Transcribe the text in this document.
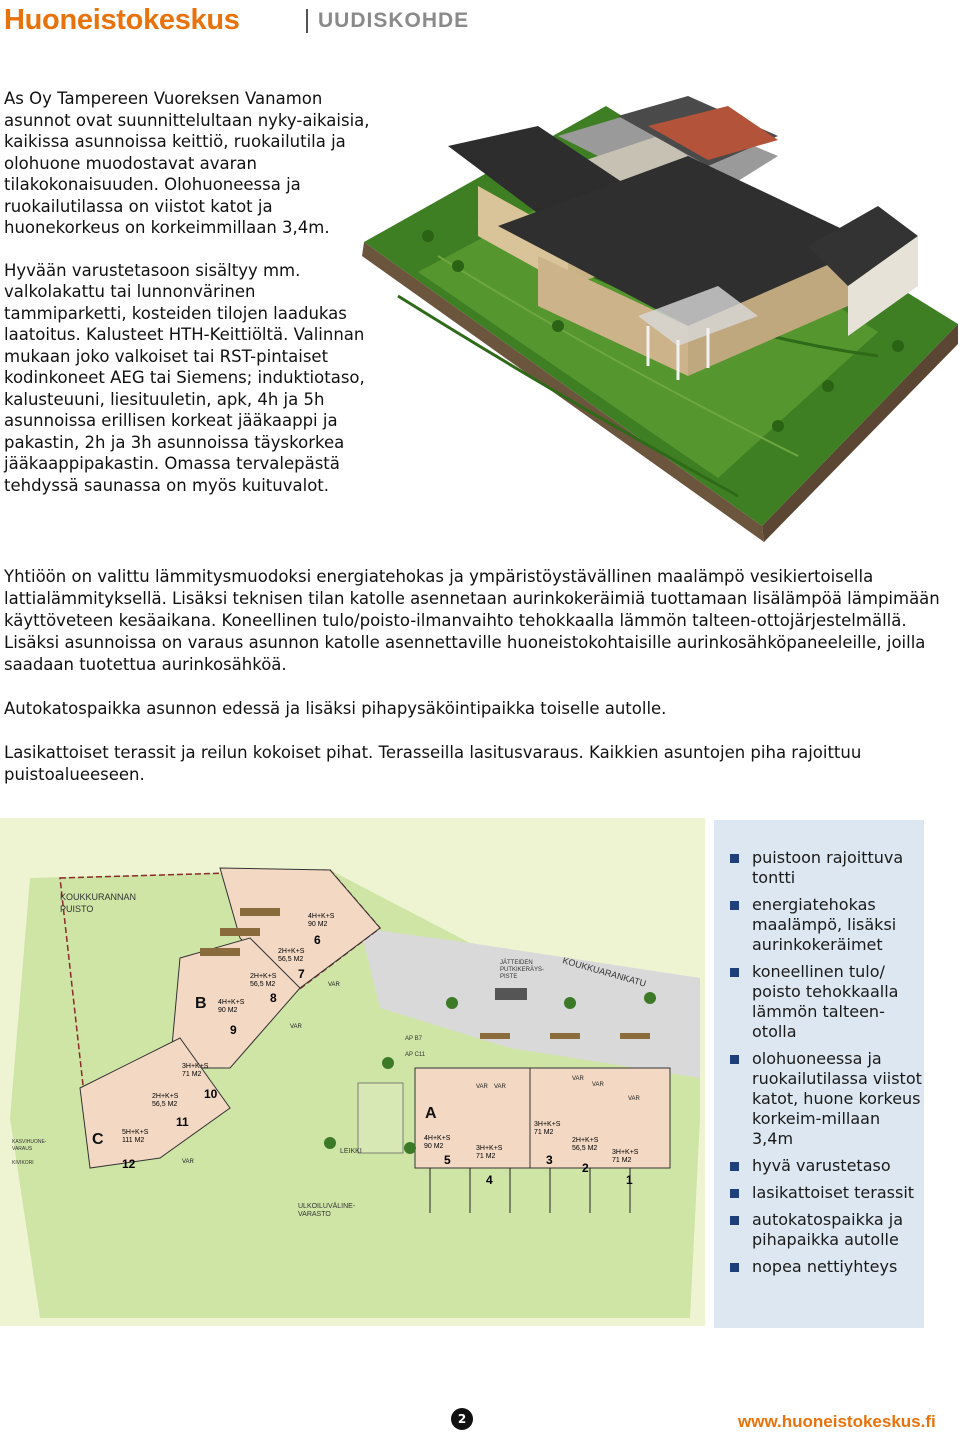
Huoneistokeskus	UUDISKOHDE

As Oy Tampereen Vuoreksen Vanamon asunnot ovat suunnittelultaan nyky-aikaisia, kaikissa asunnoissa keittiö, ruokailutila ja olohuone muodostavat avaran tilakokonaisuuden. Olohuoneessa ja ruokailutilassa on viistot katot ja huonekorkeus on korkeimmillaan 3,4m.

Hyvään varustetasoon sisältyy mm. valkolakattu tai lunnonvärinen tammiparketti, kosteiden tilojen laadukas laatoitus. Kalusteet HTH-Keittiöltä. Valinnan mukaan joko valkoiset tai RST-pintaiset kodinkoneet AEG tai Siemens; induktiotaso, kalusteuuni, liesituuletin, apk, 4h ja 5h asunnoissa erillisen korkeat jääkaappi ja pakastin, 2h ja 3h asunnoissa täyskorkea jääkaappipakastin. Omassa tervalepästä tehdyssä saunassa on myös kuituvalot.

Yhtiöön on valittu lämmitysmuodoksi energiatehokas ja ympäristöystävällinen maalämpö vesikiertoisella lattialämmityksellä. Lisäksi teknisen tilan katolle asennetaan aurinkokeräimiä tuottamaan lisälämpöä lämpimään käyttöveteen kesäaikana. Koneellinen tulo/poisto-ilmanvaihto tehokkaalla lämmön talteen-ottojärjestelmällä. Lisäksi asunnoissa on varaus asunnon katolle asennettaville huoneistokohtaisille aurinkosähköpaneeleille, joilla saadaan tuotettua aurinkosähköä.

Autokatospaikka asunnon edessä ja lisäksi pihapysäköintipaikka toiselle autolle.

Lasikattoiset terassit ja reilun kokoiset pihat. Terasseilla lasitusvaraus. Kaikkien asuntojen piha rajoittuu puistoalueeseen.

KOUKKURANNAN
PUISTO
KOUKKUARANKATU
JÄTTEIDEN
PUTKIKERÄYS-
PISTE
LEIKKI
ULKOILUVÄLINE-
VARASTO
KASVIHUONE-
VARAUS
KIVIKORI
AP B7
AP C11
B
C
A
4H+K+S
90 M2
6
2H+K+S
56,5 M2
7
2H+K+S
56,5 M2
8
4H+K+S
90 M2
9
3H+K+S
71 M2
10
2H+K+S
56,5 M2
11
5H+K+S
111 M2
12
4H+K+S
90 M2
5
3H+K+S
71 M2
4
3H+K+S
71 M2
3
2H+K+S
56,5 M2
2
3H+K+S
71 M2
1
VAR
VAR
VAR
VAR VAR
VAR
VAR
VAR
puistoon rajoittuva tontti
energiatehokas maalämpö, lisäksi aurinkokeräimet
koneellinen tulo/ poisto tehokkaalla lämmön talteen-otolla
olohuoneessa ja ruokailutilassa viistot katot, huone korkeus korkeim-millaan 3,4m
hyvä varustetaso
lasikattoiset terassit
autokatospaikka ja pihapaikka autolle
nopea nettiyhteys
2	www.huoneistokeskus.fi
